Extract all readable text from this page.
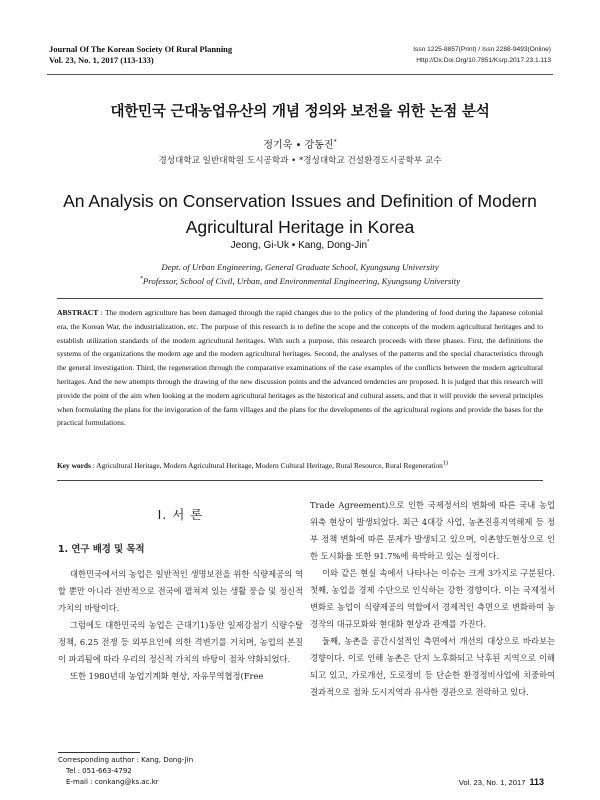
Journal Of The Korean Society Of Rural Planning
Vol. 23, No. 1, 2017 (113-133)
Issn 1225-8857(Print) / Issn 2288-9493(Online)
Http://Dx.Doi.Org/10.7851/Ksrp.2017.23.1.113
대한민국 근대농업유산의 개념 정의와 보전을 위한 논점 분석
정기욱 • 강동진*
경성대학교 일반대학원 도시공학과 • *경성대학교 건설환경도시공학부 교수
An Analysis on Conservation Issues and Definition of Modern
Agricultural Heritage in Korea
Jeong, Gi-Uk • Kang, Dong-Jin*
Dept. of Urban Engineering, General Graduate School, Kyungsung University
*Professor, School of Civil, Urban, and Environmental Engineering, Kyungsung University
ABSTRACT : The modern agriculture has been damaged through the rapid changes due to the policy of the plundering of food during the Japanese colonial era, the Korean War, the industrialization, etc. The purpose of this research is to define the scope and the concepts of the modern agricultural heritages and to establish utilization standards of the modern agricultural heritages. With such a purpose, this research proceeds with three phases. First, the definitions the systems of the organizations the modern age and the modern agricultural heritages. Second, the analyses of the patterns and the special characteristics through the general investigation. Third, the regeneration through the comparative examinations of the case examples of the conflicts between the modern agricultural heritages. And the new attempts through the drawing of the new discussion points and the advanced tendencies are proposed. It is judged that this research will provide the point of the aim when looking at the modern agricultural heritages as the historical and cultural assets, and that it will provide the several principles when formulating the plans for the invigoration of the farm villages and the plans for the developments of the agricultural regions and provide the bases for the practical formulations.
Key words : Agricultural Heritage, Modern Agricultural Heritage, Modern Cultural Heritage, Rural Resource, Rural Regeneration$^{1)}$
I. 서 론
1. 연구 배경 및 목적

대한민국에서의 농업은 일반적인 생명보전을 위한 식량제공의 역할 뿐만 아니라 전반적으로 전국에 펼쳐져 있는 생활 풍습 및 정신적 가치의 바탕이다.

그럼에도 대한민국의 농업은 근대기1)동안 일제강점기 식량수탈 정책, 6.25 전쟁 등 외부요인에 의한 격변기를 거치며, 농업의 본질이 파괴됨에 따라 우리의 정신적 가치의 바탕이 점차 약화되었다.

또한 1980년대 농업기계화 현상, 자유무역협정(Free

Trade Agreement)으로 인한 국제정서의 변화에 따른 국내 농업 위축 현상이 발생되었다. 최근 4대강 사업, 농촌진흥지역해제 등 정부 정책 변화에 따른 문제가 발생되고 있으며, 이촌향도현상으로 인한 도시화율 또한 91.7%에 육박하고 있는 실정이다.

이와 같은 현실 속에서 나타나는 이슈는 크게 3가지로 구분된다. 첫째, 농업을 경제 수단으로 인식하는 강한 경향이다. 이는 국제정서 변화로 농업이 식량제공의 역할에서 경제적인 측면으로 변화하여 농경작의 대규모화와 현대화 현상과 관계를 가진다.

둘째, 농촌을 공간시설적인 측면에서 개선의 대상으로 바라보는 경향이다. 이로 인해 농촌은 단지 노후화되고 낙후된 지역으로 이해되고 있고, 가로개선, 도로정비 등 단순한 환경정비사업에 치중하여 결과적으로 점차 도시지역과 유사한 경관으로 전락하고 있다.

Corresponding author : Kang, Dong-Jin
Tel : 051-663-4792
E-mail : conkang@ks.ac.kr	Vol. 23, No. 1, 2017 113
